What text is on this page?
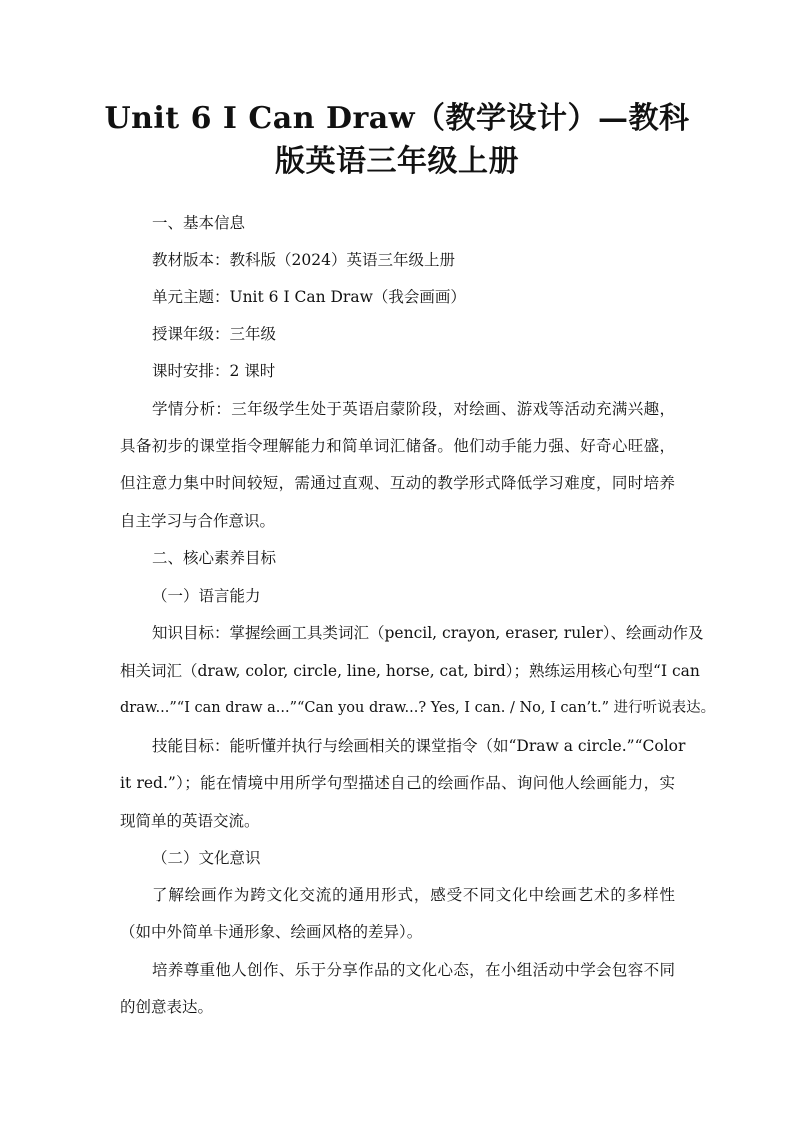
Unit 6 I Can Draw（教学设计）—教科
版英语三年级上册
一、基本信息
教材版本：教科版（2024）英语三年级上册
单元主题：Unit 6 I Can Draw（我会画画）
授课年级：三年级
课时安排：2 课时
学情分析：三年级学生处于英语启蒙阶段，对绘画、游戏等活动充满兴趣，
具备初步的课堂指令理解能力和简单词汇储备。他们动手能力强、好奇心旺盛，
但注意力集中时间较短，需通过直观、互动的教学形式降低学习难度，同时培养
自主学习与合作意识。
二、核心素养目标
（一）语言能力
知识目标：掌握绘画工具类词汇（pencil, crayon, eraser, ruler）、绘画动作及
相关词汇（draw, color, circle, line, horse, cat, bird）；熟练运用核心句型“I can
draw...”“I can draw a...”“Can you draw...? Yes, I can. / No, I can’t.” 进行听说表达。
技能目标：能听懂并执行与绘画相关的课堂指令（如“Draw a circle.”“Color
it red.”）；能在情境中用所学句型描述自己的绘画作品、询问他人绘画能力，实
现简单的英语交流。
（二）文化意识
了解绘画作为跨文化交流的通用形式，感受不同文化中绘画艺术的多样性
（如中外简单卡通形象、绘画风格的差异）。
培养尊重他人创作、乐于分享作品的文化心态，在小组活动中学会包容不同
的创意表达。
